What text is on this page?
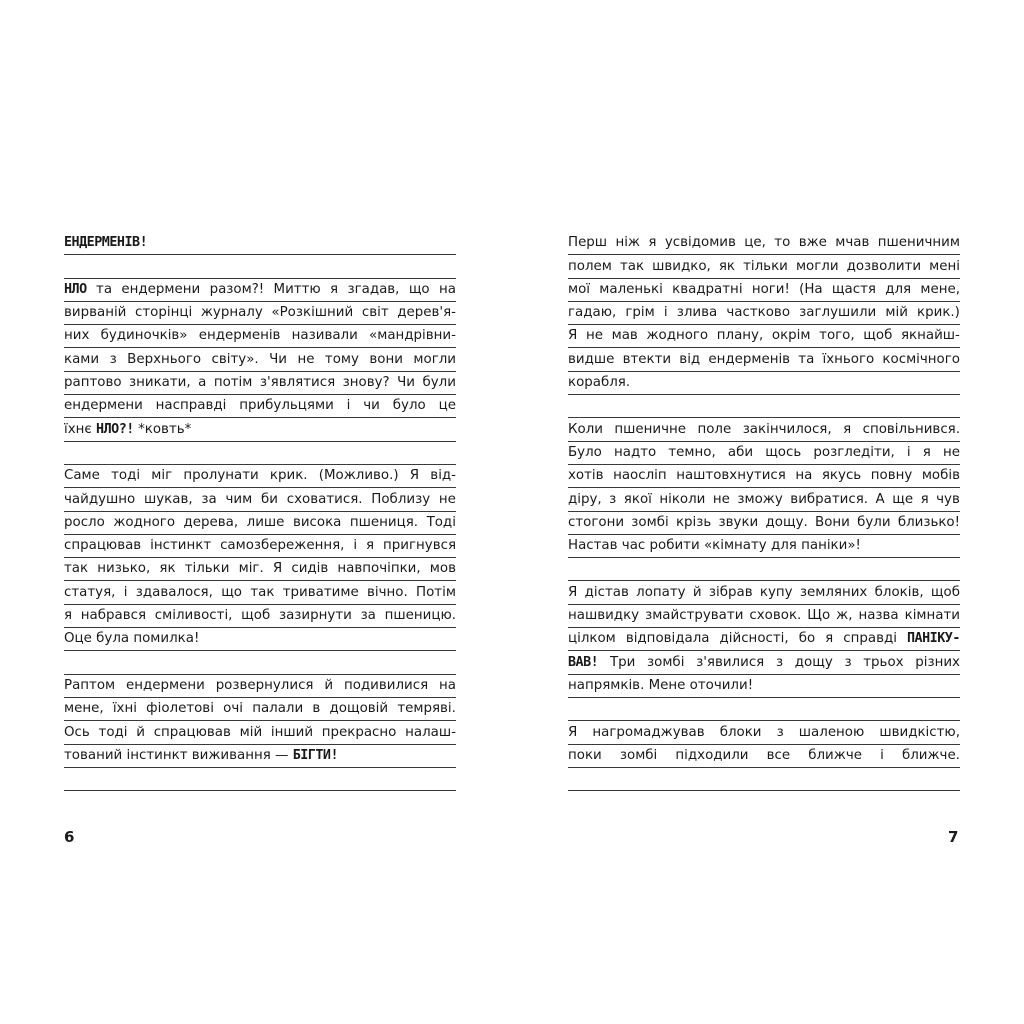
ЕНДЕРМЕНІВ!
НЛО та ендермени разом?! Миттю я згадав, що на
вирваній сторінці журналу «Розкішний світ дерев'я-
них будиночків» ендерменів називали «мандрівни-
ками з Верхнього світу». Чи не тому вони могли
раптово зникати, а потім з'являтися знову? Чи були
ендермени насправді прибульцями і чи було це
їхнє НЛО?! *ковть*
Саме тоді міг пролунати крик. (Можливо.) Я від-
чайдушно шукав, за чим би сховатися. Поблизу не
росло жодного дерева, лише висока пшениця. Тоді
спрацював інстинкт самозбереження, і я пригнувся
так низько, як тільки міг. Я сидів навпочіпки, мов
статуя, і здавалося, що так триватиме вічно. Потім
я набрався сміливості, щоб зазирнути за пшеницю.
Оце була помилка!
Раптом ендермени розвернулися й подивилися на
мене, їхні фіолетові очі палали в дощовій темряві.
Ось тоді й спрацював мій інший прекрасно налаш-
тований інстинкт виживання — БІГТИ!
Перш ніж я усвідомив це, то вже мчав пшеничним
полем так швидко, як тільки могли дозволити мені
мої маленькі квадратні ноги! (На щастя для мене,
гадаю, грім і злива частково заглушили мій крик.)
Я не мав жодного плану, окрім того, щоб якнайш-
видше втекти від ендерменів та їхнього космічного
корабля.
Коли пшеничне поле закінчилося, я сповільнився.
Було надто темно, аби щось розгледіти, і я не
хотів наосліп наштовхнутися на якусь повну мобів
діру, з якої ніколи не зможу вибратися. А ще я чув
стогони зомбі крізь звуки дощу. Вони були близько!
Настав час робити «кімнату для паніки»!
Я дістав лопату й зібрав купу земляних блоків, щоб
нашвидку змайструвати сховок. Що ж, назва кімнати
цілком відповідала дійсності, бо я справді ПАНІКУ-
ВАВ! Три зомбі з'явилися з дощу з трьох різних
напрямків. Мене оточили!
Я нагромаджував блоки з шаленою швидкістю,
поки зомбі підходили все ближче і ближче.
6	7
